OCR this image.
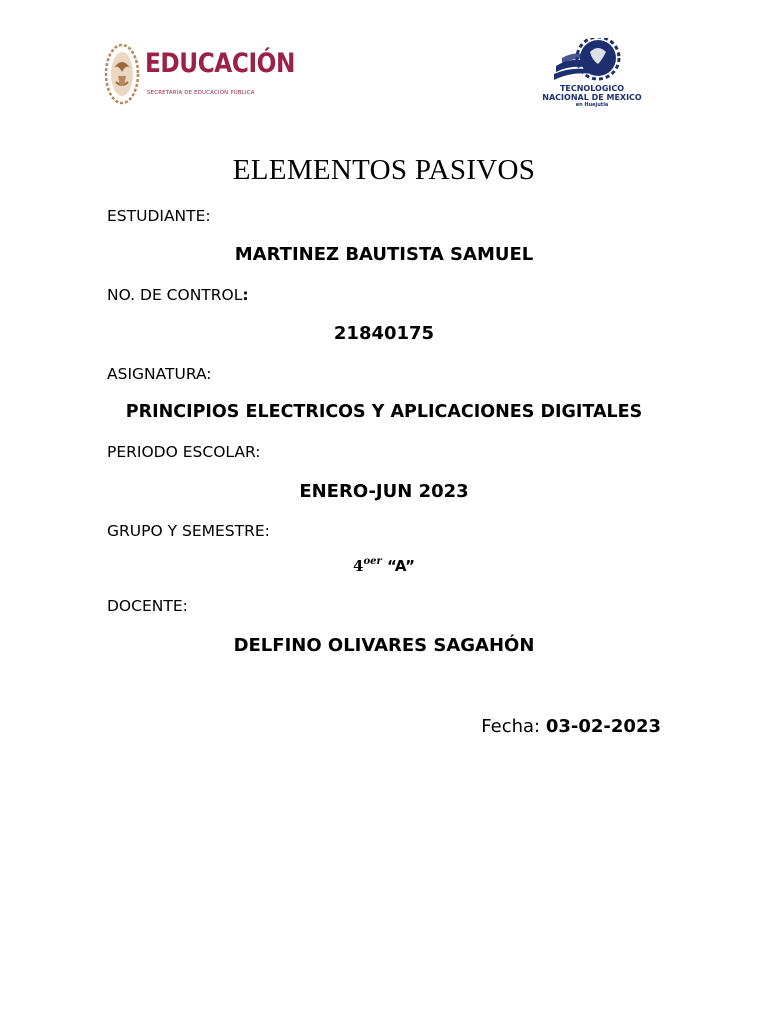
EDUCACIÓN
SECRETARÍA DE EDUCACIÓN PÚBLICA	TECNOLOGICO
NACIONAL DE MEXICO
en Huejutla
ELEMENTOS PASIVOS
ESTUDIANTE:
MARTINEZ BAUTISTA SAMUEL
NO. DE CONTROL:
21840175
ASIGNATURA:
PRINCIPIOS ELECTRICOS Y APLICACIONES DIGITALES
PERIODO ESCOLAR:
ENERO-JUN 2023
GRUPO Y SEMESTRE:
$4^{oer}$ “A”
DOCENTE:
DELFINO OLIVARES SAGAHÓN
Fecha: 03-02-2023
